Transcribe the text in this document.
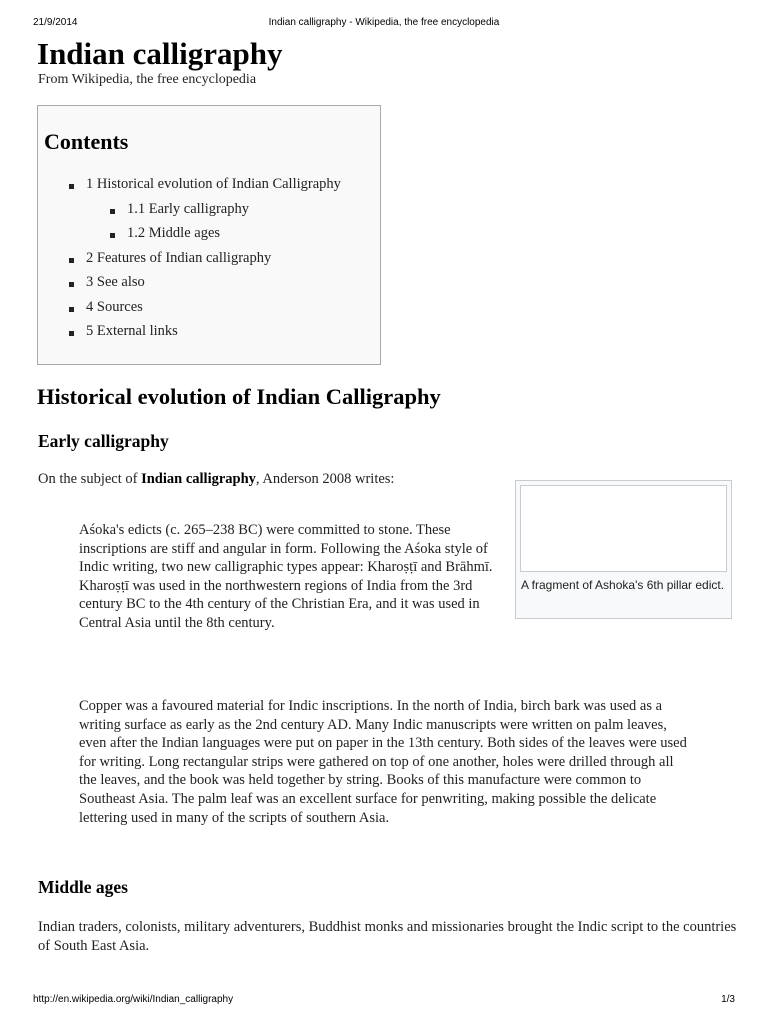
21/9/2014	Indian calligraphy - Wikipedia, the free encyclopedia
Indian calligraphy
From Wikipedia, the free encyclopedia
Contents
1 Historical evolution of Indian Calligraphy
1.1 Early calligraphy
1.2 Middle ages
2 Features of Indian calligraphy
3 See also
4 Sources
5 External links
Historical evolution of Indian Calligraphy
Early calligraphy
On the subject of Indian calligraphy, Anderson 2008 writes:
A fragment of Ashoka's 6th pillar edict.
Aśoka's edicts (c. 265–238 BC) were committed to stone. These inscriptions are stiff and angular in form. Following the Aśoka style of Indic writing, two new calligraphic types appear: Kharoṣṭī and Brāhmī. Kharoṣṭī was used in the northwestern regions of India from the 3rd century BC to the 4th century of the Christian Era, and it was used in Central Asia until the 8th century.
Copper was a favoured material for Indic inscriptions. In the north of India, birch bark was used as a writing surface as early as the 2nd century AD. Many Indic manuscripts were written on palm leaves, even after the Indian languages were put on paper in the 13th century. Both sides of the leaves were used for writing. Long rectangular strips were gathered on top of one another, holes were drilled through all the leaves, and the book was held together by string. Books of this manufacture were common to Southeast Asia. The palm leaf was an excellent surface for penwriting, making possible the delicate lettering used in many of the scripts of southern Asia.
Middle ages
Indian traders, colonists, military adventurers, Buddhist monks and missionaries brought the Indic script to the countries of South East Asia.
http://en.wikipedia.org/wiki/Indian_calligraphy	1/3
